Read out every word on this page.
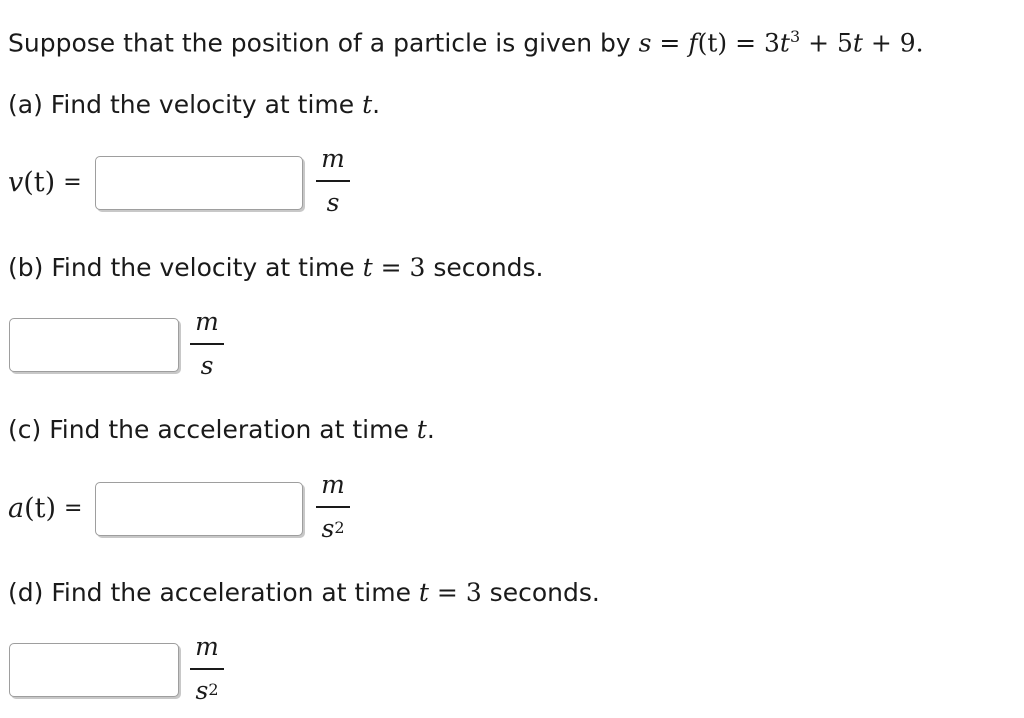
Suppose that the position of a particle is given by $s = f(t) = 3t^3 + 5t + 9$.
(a) Find the velocity at time t.
v(t) =
m
s
(b) Find the velocity at time t = 3 seconds.
m
s
(c) Find the acceleration at time t.
a(t) =
m
$s^2$
(d) Find the acceleration at time t = 3 seconds.
m
$s^2$
